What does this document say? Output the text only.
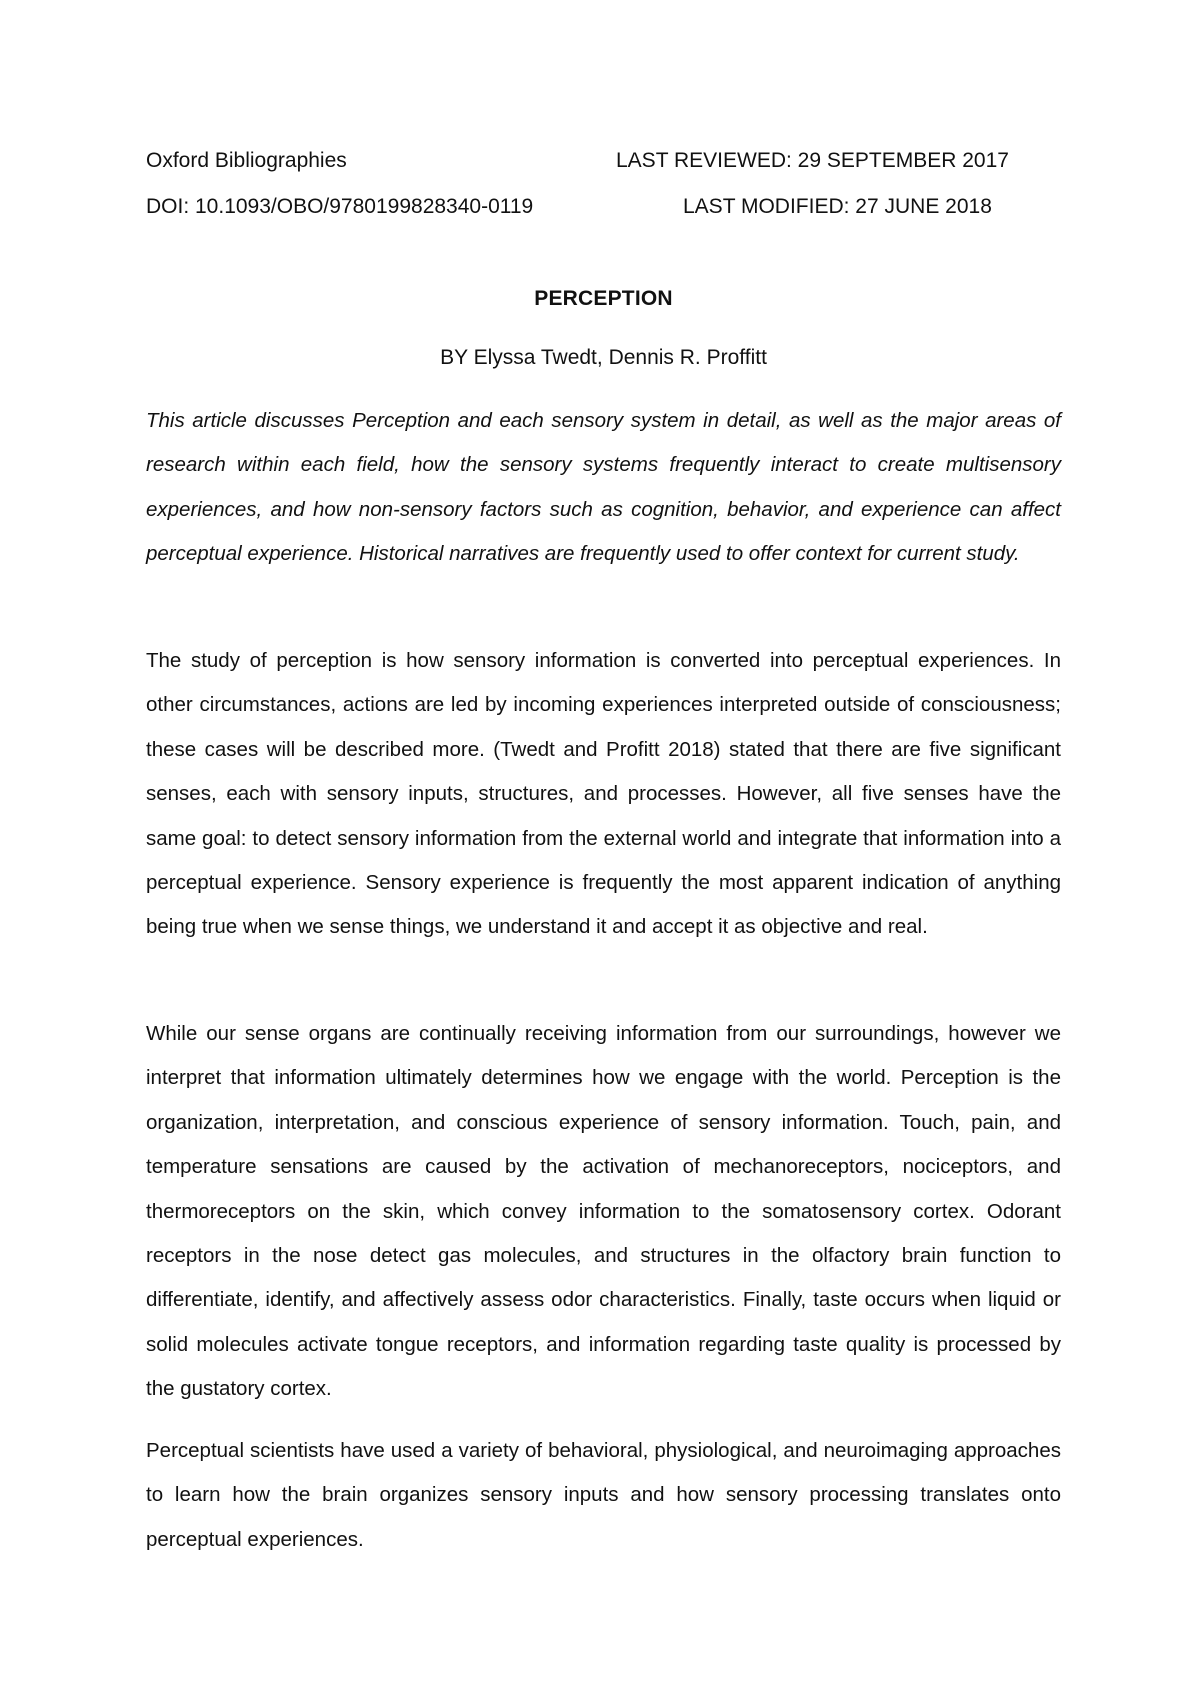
Oxford Bibliographies	LAST REVIEWED: 29 SEPTEMBER 2017
DOI: 10.1093/OBO/9780199828340-0119	LAST MODIFIED: 27 JUNE 2018
PERCEPTION
BY Elyssa Twedt, Dennis R. Proffitt

This article discusses Perception and each sensory system in detail, as well as the major areas of research within each field, how the sensory systems frequently interact to create multisensory experiences, and how non-sensory factors such as cognition, behavior, and experience can affect perceptual experience. Historical narratives are frequently used to offer context for current study.

The study of perception is how sensory information is converted into perceptual experiences. In other circumstances, actions are led by incoming experiences interpreted outside of consciousness; these cases will be described more. (Twedt and Profitt 2018) stated that there are five significant senses, each with sensory inputs, structures, and processes. However, all five senses have the same goal: to detect sensory information from the external world and integrate that information into a perceptual experience. Sensory experience is frequently the most apparent indication of anything being true when we sense things, we understand it and accept it as objective and real.

While our sense organs are continually receiving information from our surroundings, however we interpret that information ultimately determines how we engage with the world. Perception is the organization, interpretation, and conscious experience of sensory information. Touch, pain, and temperature sensations are caused by the activation of mechanoreceptors, nociceptors, and thermoreceptors on the skin, which convey information to the somatosensory cortex. Odorant receptors in the nose detect gas molecules, and structures in the olfactory brain function to differentiate, identify, and affectively assess odor characteristics. Finally, taste occurs when liquid or solid molecules activate tongue receptors, and information regarding taste quality is processed by the gustatory cortex.

Perceptual scientists have used a variety of behavioral, physiological, and neuroimaging approaches to learn how the brain organizes sensory inputs and how sensory processing translates onto perceptual experiences.
